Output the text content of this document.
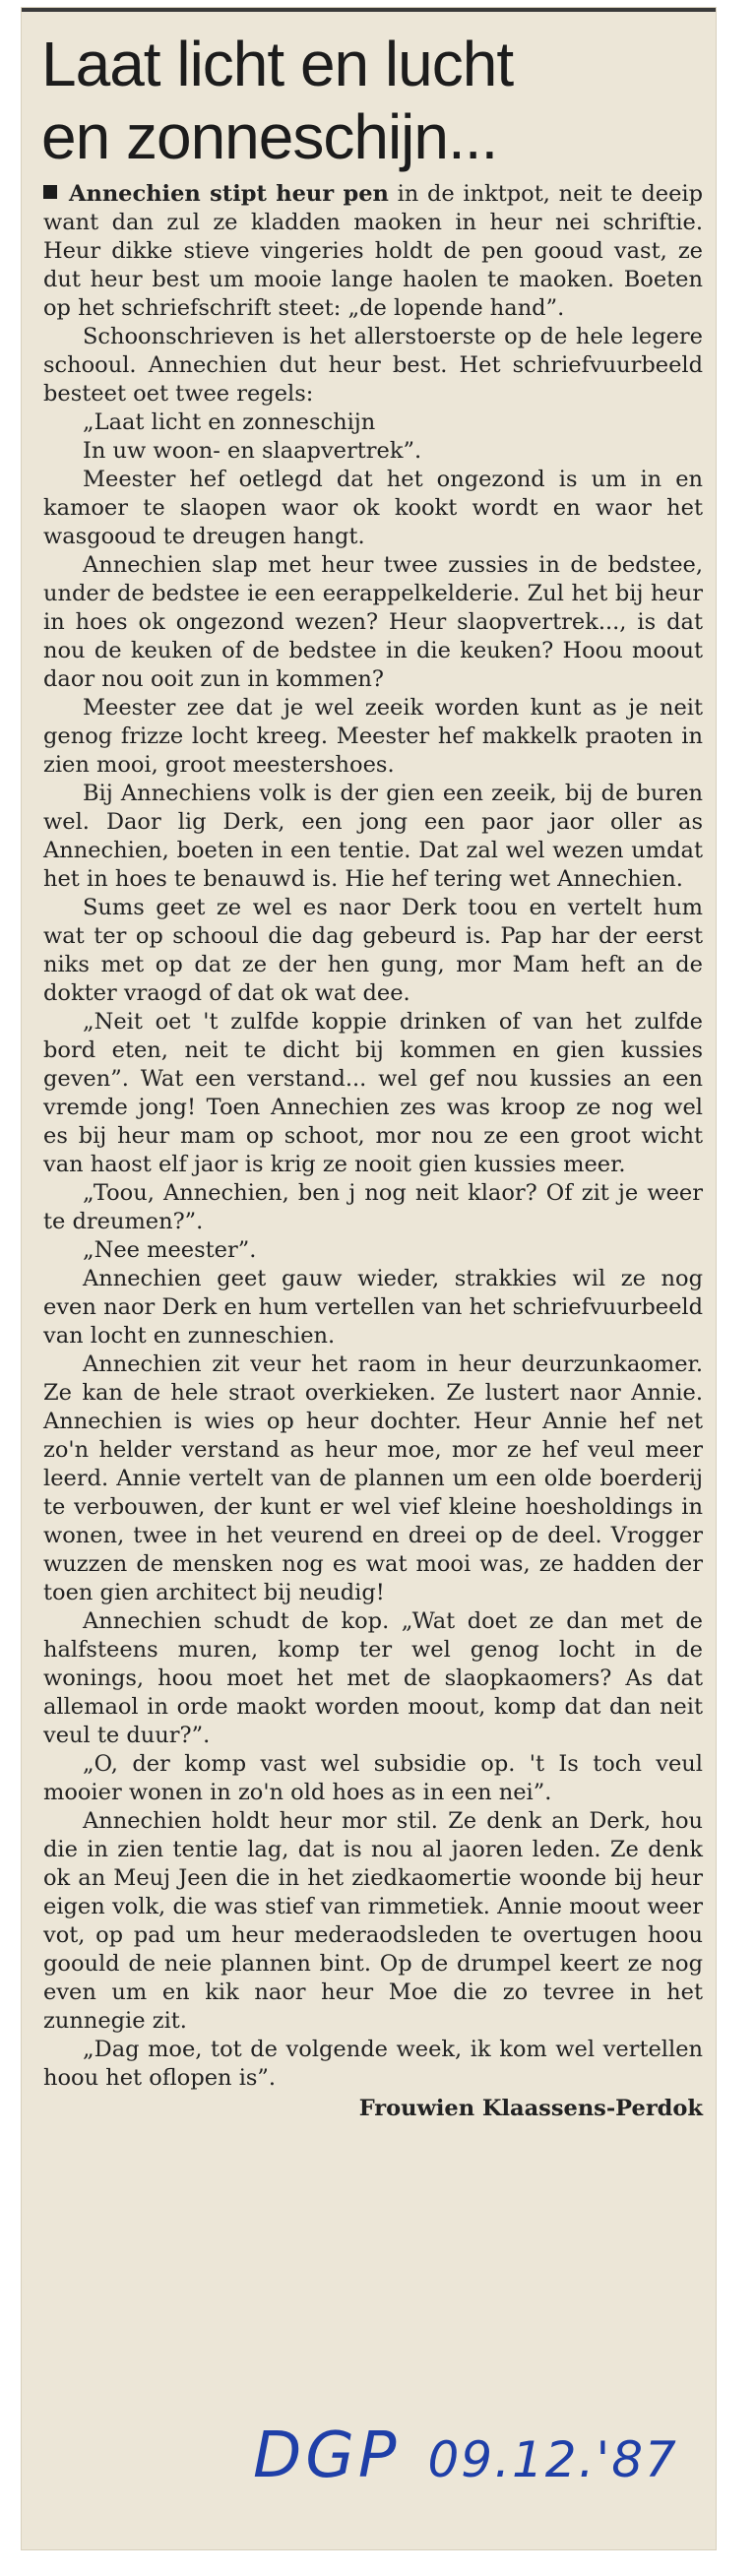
Laat licht en lucht
en zonneschijn...

Annechien stipt heur pen in de inktpot, neit te deeip want dan zul ze kladden maoken in heur nei schriftie. Heur dikke stieve vingeries holdt de pen gooud vast, ze dut heur best um mooie lange haolen te maoken. Boeten op het schriefschrift steet: „de lopende hand”.

Schoonschrieven is het allerstoerste op de hele legere schooul. Annechien dut heur best. Het schriefvuurbeeld besteet oet twee regels:

„Laat licht en zonneschijn

In uw woon- en slaapvertrek”.

Meester hef oetlegd dat het ongezond is um in en kamoer te slaopen waor ok kookt wordt en waor het wasgooud te dreugen hangt.

Annechien slap met heur twee zussies in de bedstee, under de bedstee ie een eerappelkelderie. Zul het bij heur in hoes ok ongezond wezen? Heur slaopvertrek..., is dat nou de keuken of de bedstee in die keuken? Hoou moout daor nou ooit zun in kommen?

Meester zee dat je wel zeeik worden kunt as je neit genog frizze locht kreeg. Meester hef makkelk praoten in zien mooi, groot meestershoes.

Bij Annechiens volk is der gien een zeeik, bij de buren wel. Daor lig Derk, een jong een paor jaor oller as Annechien, boeten in een tentie. Dat zal wel wezen umdat het in hoes te benauwd is. Hie hef tering wet Annechien.

Sums geet ze wel es naor Derk toou en vertelt hum wat ter op schooul die dag gebeurd is. Pap har der eerst niks met op dat ze der hen gung, mor Mam heft an de dokter vraogd of dat ok wat dee.

„Neit oet 't zulfde koppie drinken of van het zulfde bord eten, neit te dicht bij kommen en gien kussies geven”. Wat een verstand... wel gef nou kussies an een vremde jong! Toen Annechien zes was kroop ze nog wel es bij heur mam op schoot, mor nou ze een groot wicht van haost elf jaor is krig ze nooit gien kussies meer.

„Toou, Annechien, ben j nog neit klaor? Of zit je weer te dreumen?”.

„Nee meester”.

Annechien geet gauw wieder, strakkies wil ze nog even naor Derk en hum vertellen van het schriefvuurbeeld van locht en zunneschien.

Annechien zit veur het raom in heur deurzunkaomer. Ze kan de hele straot overkieken. Ze lustert naor Annie. Annechien is wies op heur dochter. Heur Annie hef net zo'n helder verstand as heur moe, mor ze hef veul meer leerd. Annie vertelt van de plannen um een olde boerderij te verbouwen, der kunt er wel vief kleine hoesholdings in wonen, twee in het veurend en dreei op de deel. Vrogger wuzzen de mensken nog es wat mooi was, ze hadden der toen gien architect bij neudig!

Annechien schudt de kop. „Wat doet ze dan met de halfsteens muren, komp ter wel genog locht in de wonings, hoou moet het met de slaopkaomers? As dat allemaol in orde maokt worden moout, komp dat dan neit veul te duur?”.

„O, der komp vast wel subsidie op. 't Is toch veul mooier wonen in zo'n old hoes as in een nei”.

Annechien holdt heur mor stil. Ze denk an Derk, hou die in zien tentie lag, dat is nou al jaoren leden. Ze denk ok an Meuj Jeen die in het ziedkaomertie woonde bij heur eigen volk, die was stief van rimmetiek. Annie moout weer vot, op pad um heur mederaodsleden te overtugen hoou goould de neie plannen bint. Op de drumpel keert ze nog even um en kik naor heur Moe die zo tevree in het zunnegie zit.

„Dag moe, tot de volgende week, ik kom wel vertellen hoou het oflopen is”.

Frouwien Klaassens-Perdok
DGP 09.12.'87
